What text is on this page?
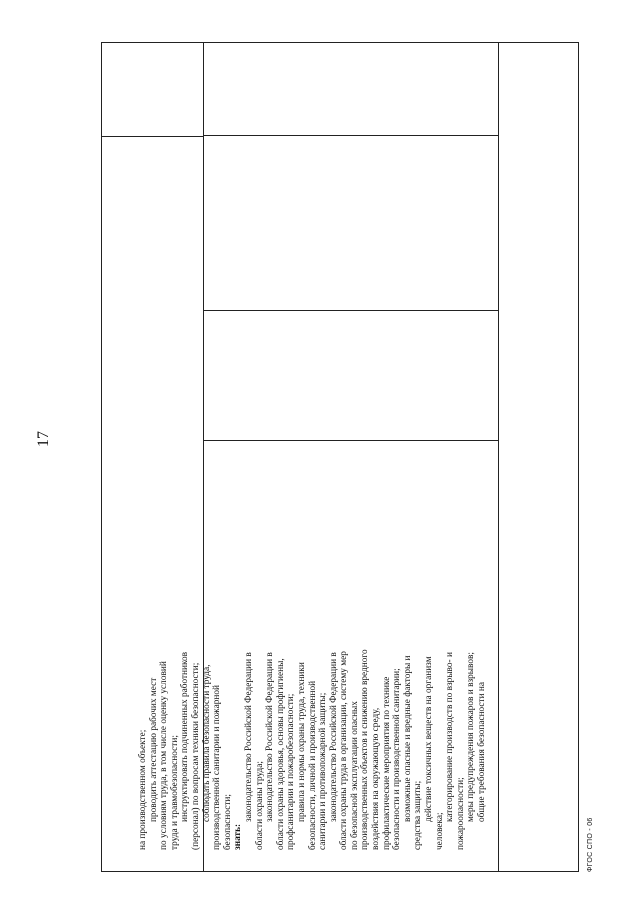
17
на производственном объекте; проводить аттестацию рабочих мест по условиям труда, в том числе оценку условий труда и травмобезопасности; инструктировать подчиненных работников (персонал) по вопросам техники безопасности; соблюдать правила безопасности труда, производственной санитарии и пожарной безопасности; знать:
законодательство Российской Федерации в области охраны труда; законодательство Российской Федерации в области охраны здоровья, основы профгигиены, профсанитарии и пожаробезопасности; правила и нормы охраны труда, техники безопасности, личной и производственной санитарии и противопожарной защиты; законодательство Российской Федерации в области охраны труда в организации, систему мер по безопасной эксплуатации опасных производственных объектов и снижению вредного воздействия на окружающую среду, профилактические мероприятия по технике безопасности и производственной санитарии; возможные опасные и вредные факторы и средства защиты; действие токсичных веществ на организм
человека;
категорирование производств по взрыво- и пожароопасности; меры предупреждения пожаров и взрывов; общие требования безопасности на
ФГОС СПО - 06
